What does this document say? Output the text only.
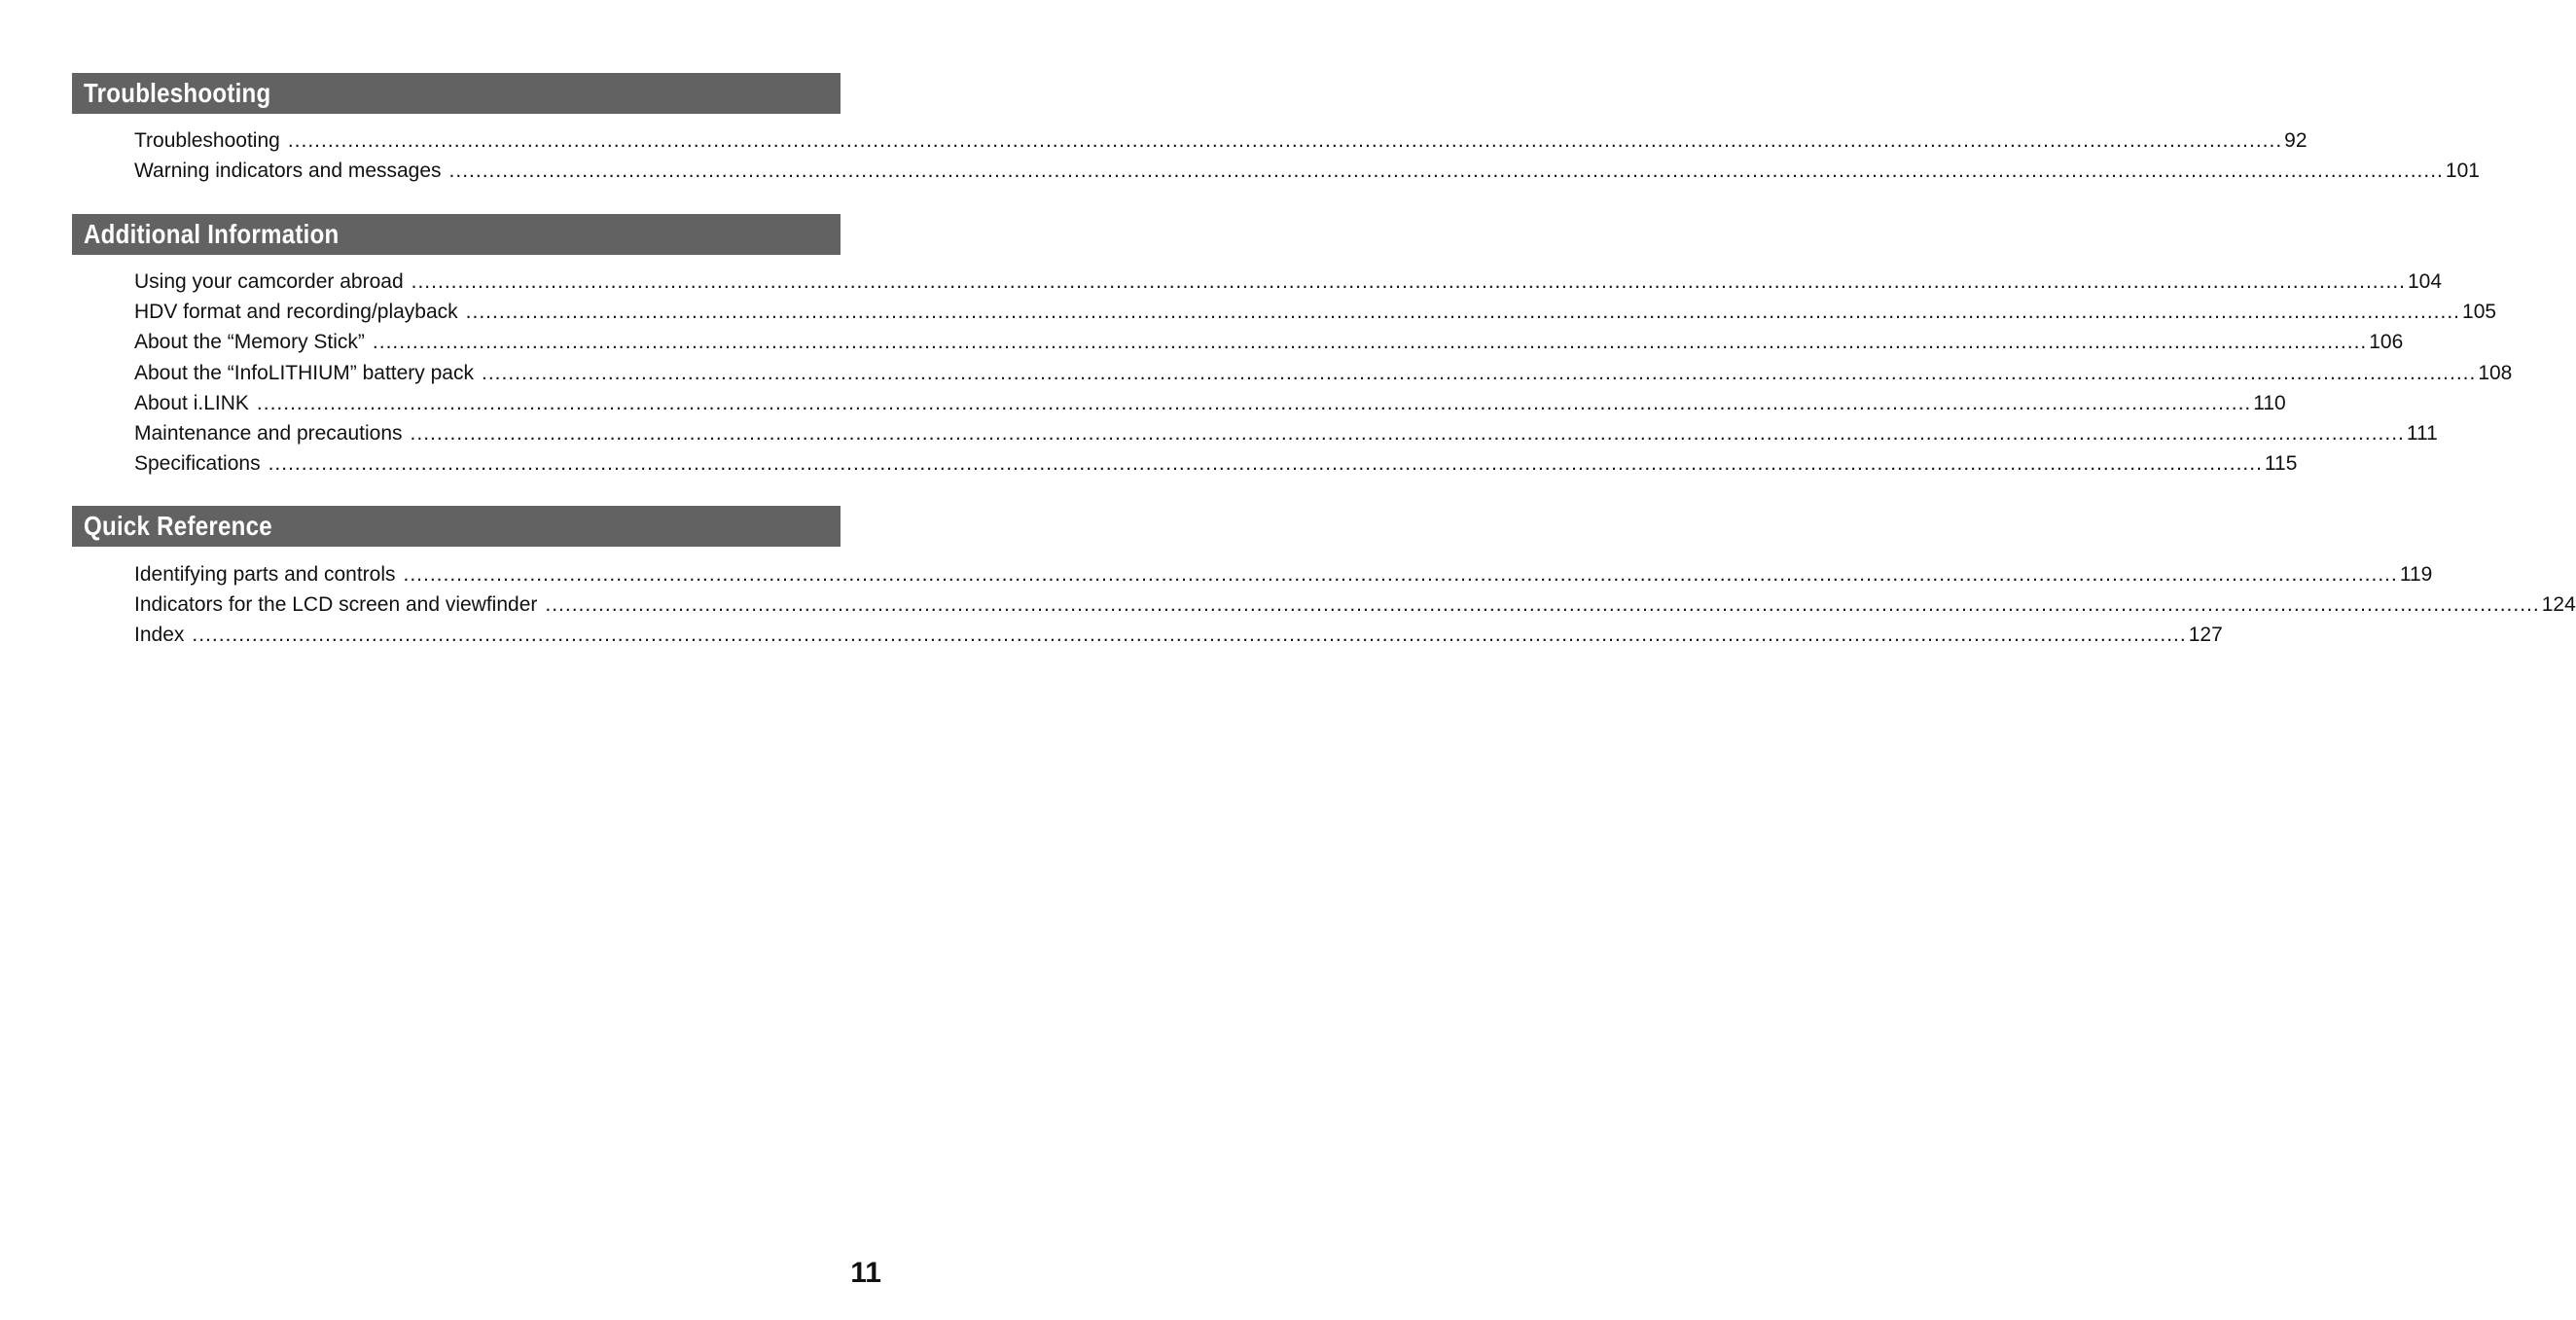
Troubleshooting
Troubleshooting ............................................................................................................................................................................................................................................................................................................ 92
Warning indicators and messages ............................................................................................................................................................................................................................................................................................................ 101
Additional Information
Using your camcorder abroad ............................................................................................................................................................................................................................................................................................................ 104
HDV format and recording/playback ............................................................................................................................................................................................................................................................................................................ 105
About the “Memory Stick” ............................................................................................................................................................................................................................................................................................................ 106
About the “InfoLITHIUM” battery pack ............................................................................................................................................................................................................................................................................................................ 108
About i.LINK ............................................................................................................................................................................................................................................................................................................ 110
Maintenance and precautions ............................................................................................................................................................................................................................................................................................................ 111
Specifications ............................................................................................................................................................................................................................................................................................................ 115
Quick Reference
Identifying parts and controls ............................................................................................................................................................................................................................................................................................................ 119
Indicators for the LCD screen and viewfinder ............................................................................................................................................................................................................................................................................................................ 124
Index ............................................................................................................................................................................................................................................................................................................ 127
11
